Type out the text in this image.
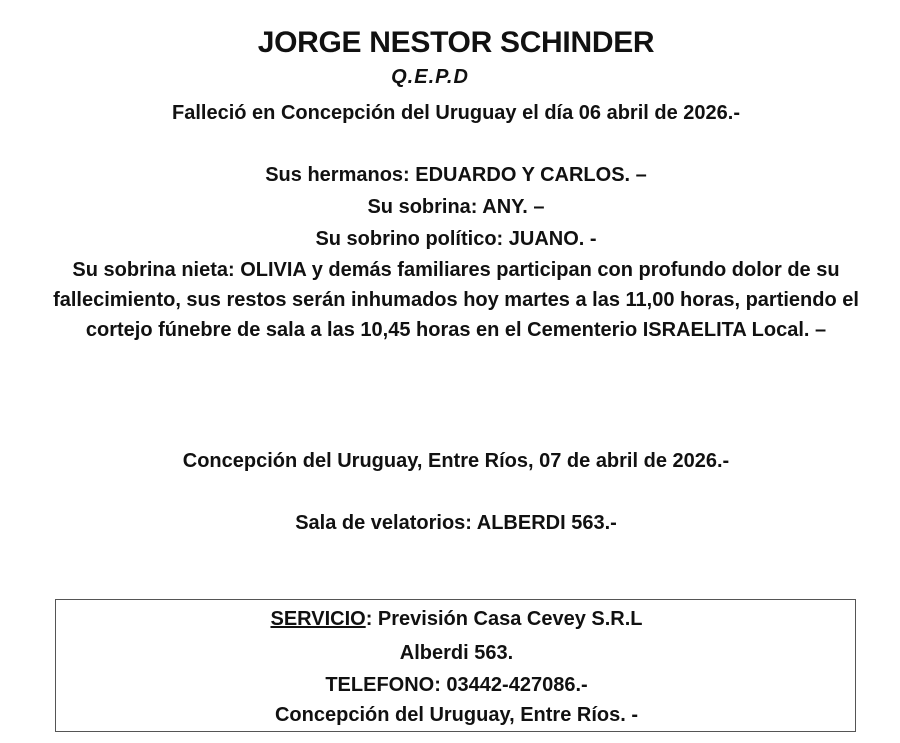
JORGE NESTOR SCHINDER
Q.E.P.D
Falleció en Concepción del Uruguay el día 06 abril de 2026.-
Sus hermanos: EDUARDO Y CARLOS. –
Su sobrina: ANY. –
Su sobrino político: JUANO. -
Su sobrina nieta: OLIVIA y demás familiares participan con profundo dolor de su fallecimiento, sus restos serán inhumados hoy martes a las 11,00 horas, partiendo el cortejo fúnebre de sala a las 10,45 horas en el Cementerio ISRAELITA Local. –
Concepción del Uruguay, Entre Ríos, 07 de abril de 2026.-
Sala de velatorios: ALBERDI 563.-
SERVICIO: Previsión Casa Cevey S.R.L
Alberdi 563.
TELEFONO: 03442-427086.-
Concepción del Uruguay, Entre Ríos. -
